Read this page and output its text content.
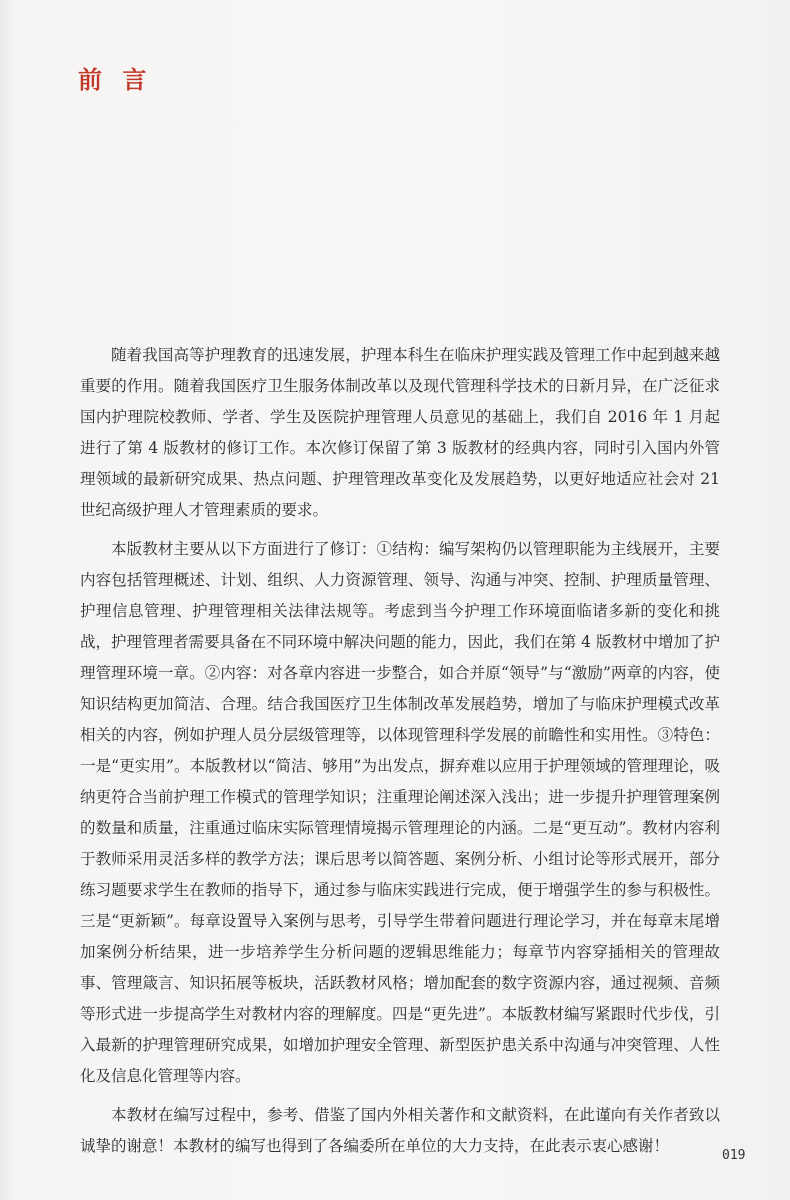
前 言

随着我国高等护理教育的迅速发展，护理本科生在临床护理实践及管理工作中起到越来越重要的作用。随着我国医疗卫生服务体制改革以及现代管理科学技术的日新月异，在广泛征求国内护理院校教师、学者、学生及医院护理管理人员意见的基础上，我们自 2016 年 1 月起进行了第 4 版教材的修订工作。本次修订保留了第 3 版教材的经典内容，同时引入国内外管理领域的最新研究成果、热点问题、护理管理改革变化及发展趋势，以更好地适应社会对 21 世纪高级护理人才管理素质的要求。

本版教材主要从以下方面进行了修订：①结构：编写架构仍以管理职能为主线展开，主要内容包括管理概述、计划、组织、人力资源管理、领导、沟通与冲突、控制、护理质量管理、护理信息管理、护理管理相关法律法规等。考虑到当今护理工作环境面临诸多新的变化和挑战，护理管理者需要具备在不同环境中解决问题的能力，因此，我们在第 4 版教材中增加了护理管理环境一章。②内容：对各章内容进一步整合，如合并原“领导”与“激励”两章的内容，使知识结构更加简洁、合理。结合我国医疗卫生体制改革发展趋势，增加了与临床护理模式改革相关的内容，例如护理人员分层级管理等，以体现管理科学发展的前瞻性和实用性。③特色：一是“更实用”。本版教材以“简洁、够用”为出发点，摒弃难以应用于护理领域的管理理论，吸纳更符合当前护理工作模式的管理学知识；注重理论阐述深入浅出；进一步提升护理管理案例的数量和质量，注重通过临床实际管理情境揭示管理理论的内涵。二是“更互动”。教材内容利于教师采用灵活多样的教学方法；课后思考以简答题、案例分析、小组讨论等形式展开，部分练习题要求学生在教师的指导下，通过参与临床实践进行完成，便于增强学生的参与积极性。三是“更新颖”。每章设置导入案例与思考，引导学生带着问题进行理论学习，并在每章末尾增加案例分析结果，进一步培养学生分析问题的逻辑思维能力；每章节内容穿插相关的管理故事、管理箴言、知识拓展等板块，活跃教材风格；增加配套的数字资源内容，通过视频、音频等形式进一步提高学生对教材内容的理解度。四是“更先进”。本版教材编写紧跟时代步伐，引入最新的护理管理研究成果，如增加护理安全管理、新型医护患关系中沟通与冲突管理、人性化及信息化管理等内容。

本教材在编写过程中，参考、借鉴了国内外相关著作和文献资料，在此谨向有关作者致以诚挚的谢意！本教材的编写也得到了各编委所在单位的大力支持，在此表示衷心感谢！

019
